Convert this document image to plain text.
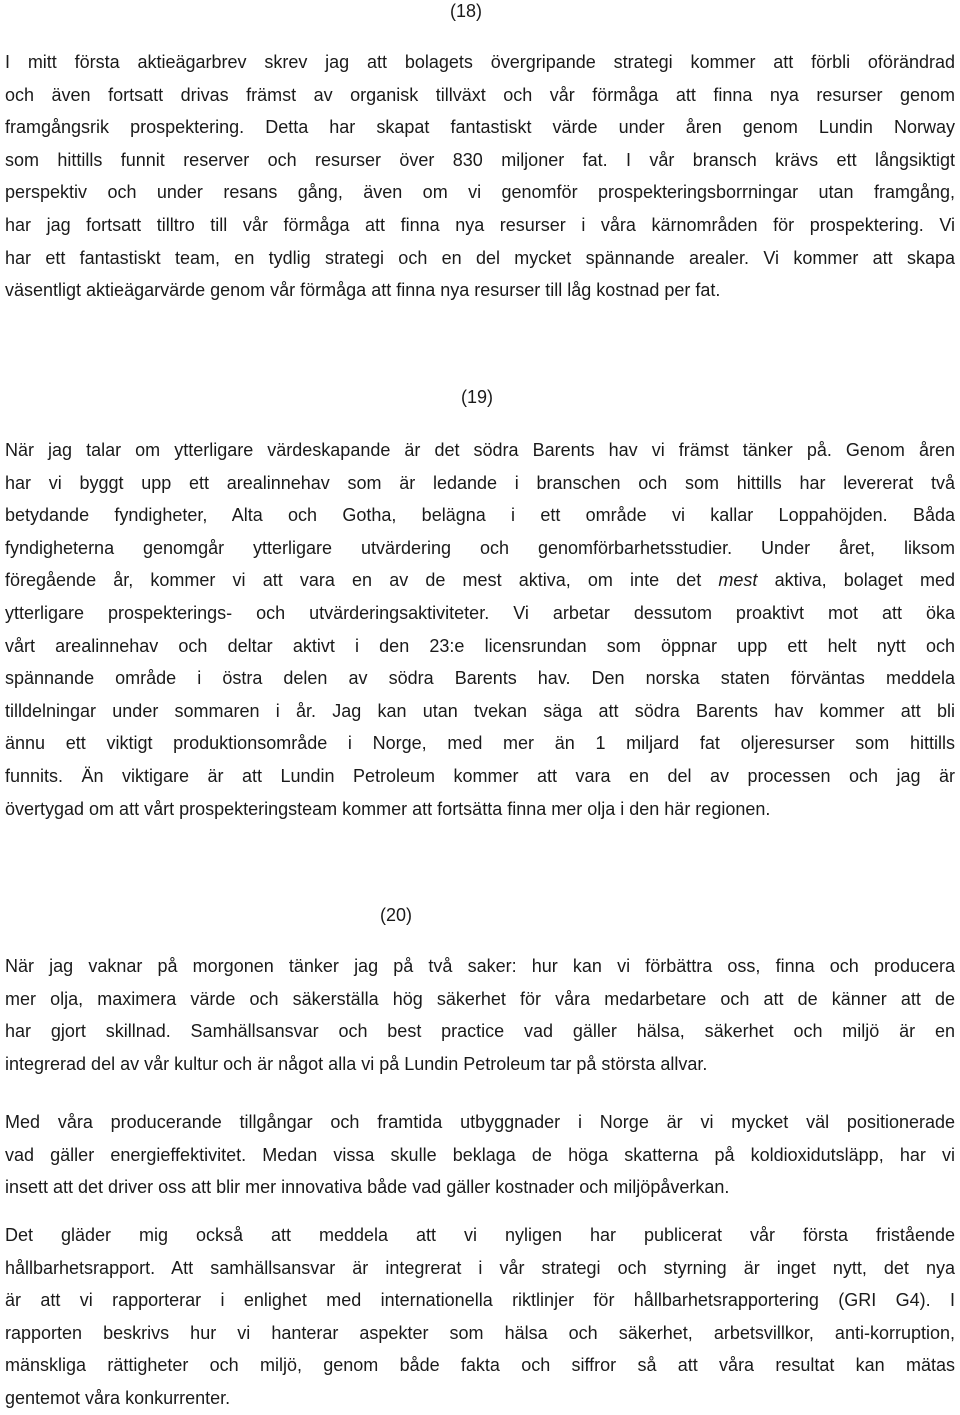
(18)
I mitt första aktieägarbrev skrev jag att bolagets övergripande strategi kommer att förbli oförändrad
och även fortsatt drivas främst av organisk tillväxt och vår förmåga att finna nya resurser genom
framgångsrik prospektering. Detta har skapat fantastiskt värde under åren genom Lundin Norway
som hittills funnit reserver och resurser över 830 miljoner fat. I vår bransch krävs ett långsiktigt
perspektiv och under resans gång, även om vi genomför prospekteringsborrningar utan framgång,
har jag fortsatt tilltro till vår förmåga att finna nya resurser i våra kärnområden för prospektering. Vi
har ett fantastiskt team, en tydlig strategi och en del mycket spännande arealer. Vi kommer att skapa
väsentligt aktieägarvärde genom vår förmåga att finna nya resurser till låg kostnad per fat.
(19)
När jag talar om ytterligare värdeskapande är det södra Barents hav vi främst tänker på. Genom åren
har vi byggt upp ett arealinnehav som är ledande i branschen och som hittills har levererat två
betydande fyndigheter, Alta och Gotha, belägna i ett område vi kallar Loppahöjden. Båda
fyndigheterna genomgår ytterligare utvärdering och genomförbarhetsstudier. Under året, liksom
föregående år, kommer vi att vara en av de mest aktiva, om inte det mest aktiva, bolaget med
ytterligare prospekterings- och utvärderingsaktiviteter. Vi arbetar dessutom proaktivt mot att öka
vårt arealinnehav och deltar aktivt i den 23:e licensrundan som öppnar upp ett helt nytt och
spännande område i östra delen av södra Barents hav. Den norska staten förväntas meddela
tilldelningar under sommaren i år. Jag kan utan tvekan säga att södra Barents hav kommer att bli
ännu ett viktigt produktionsområde i Norge, med mer än 1 miljard fat oljeresurser som hittills
funnits. Än viktigare är att Lundin Petroleum kommer att vara en del av processen och jag är
övertygad om att vårt prospekteringsteam kommer att fortsätta finna mer olja i den här regionen.
(20)
När jag vaknar på morgonen tänker jag på två saker: hur kan vi förbättra oss, finna och producera
mer olja, maximera värde och säkerställa hög säkerhet för våra medarbetare och att de känner att de
har gjort skillnad. Samhällsansvar och best practice vad gäller hälsa, säkerhet och miljö är en
integrerad del av vår kultur och är något alla vi på Lundin Petroleum tar på största allvar.
Med våra producerande tillgångar och framtida utbyggnader i Norge är vi mycket väl positionerade
vad gäller energieffektivitet. Medan vissa skulle beklaga de höga skatterna på koldioxidutsläpp, har vi
insett att det driver oss att blir mer innovativa både vad gäller kostnader och miljöpåverkan.
Det gläder mig också att meddela att vi nyligen har publicerat vår första fristående
hållbarhetsrapport. Att samhällsansvar är integrerat i vår strategi och styrning är inget nytt, det nya
är att vi rapporterar i enlighet med internationella riktlinjer för hållbarhetsrapportering (GRI G4). I
rapporten beskrivs hur vi hanterar aspekter som hälsa och säkerhet, arbetsvillkor, anti-korruption,
mänskliga rättigheter och miljö, genom både fakta och siffror så att våra resultat kan mätas
gentemot våra konkurrenter.
